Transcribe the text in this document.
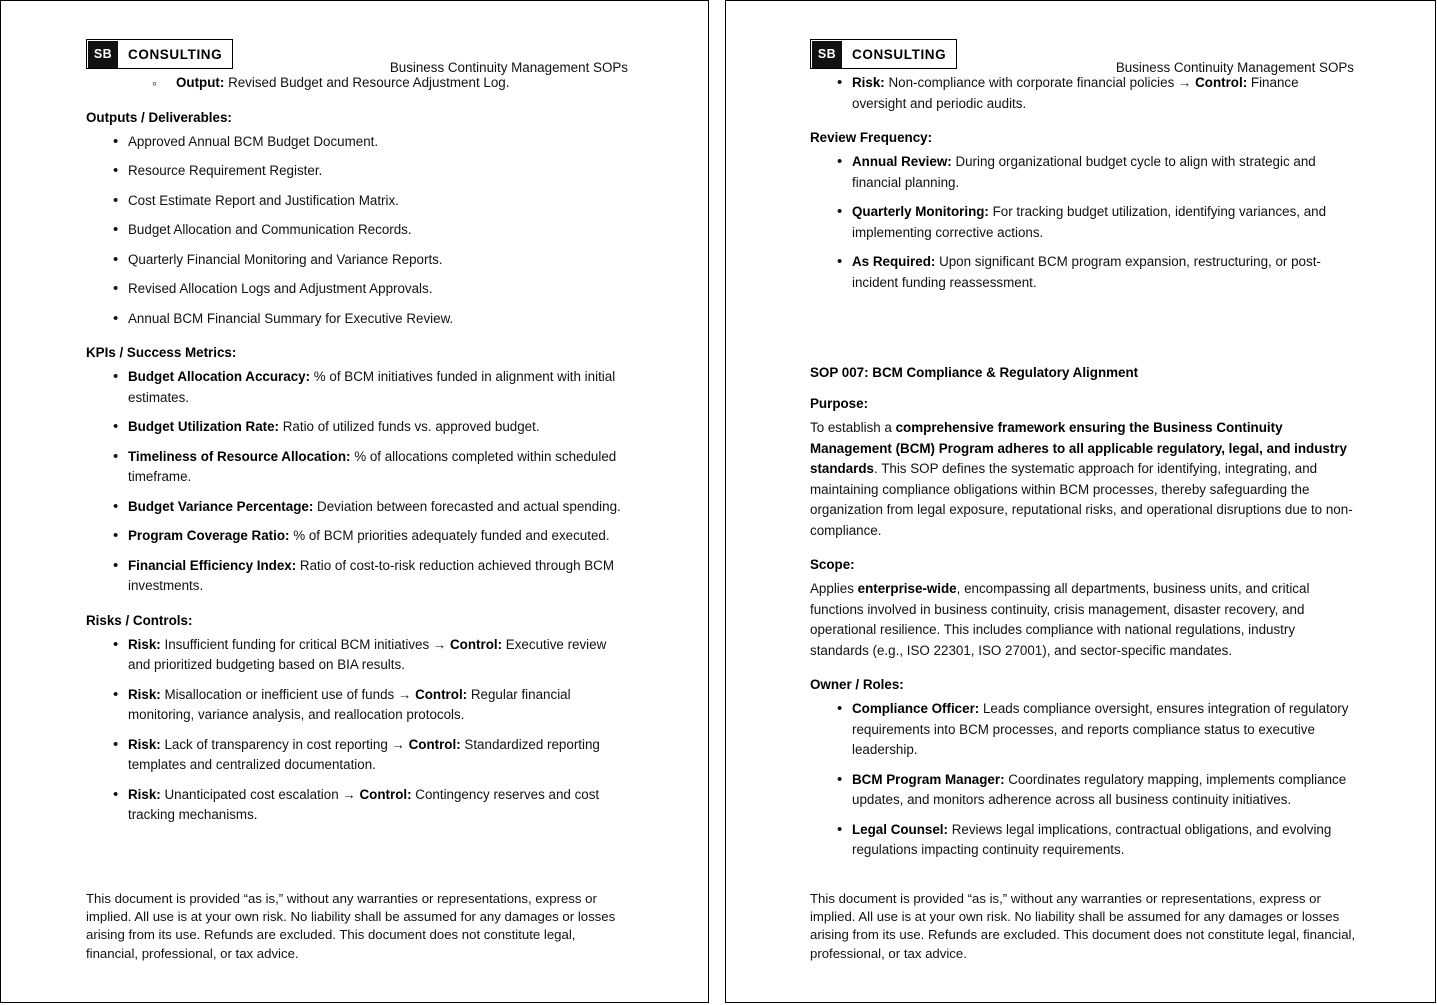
SB	CONSULTING
Business Continuity Management SOPs
◦ Output: Revised Budget and Resource Adjustment Log.
Outputs / Deliverables:
• Approved Annual BCM Budget Document.
• Resource Requirement Register.
• Cost Estimate Report and Justification Matrix.
• Budget Allocation and Communication Records.
• Quarterly Financial Monitoring and Variance Reports.
• Revised Allocation Logs and Adjustment Approvals.
• Annual BCM Financial Summary for Executive Review.
KPIs / Success Metrics:
• Budget Allocation Accuracy: % of BCM initiatives funded in alignment with initial estimates.
• Budget Utilization Rate: Ratio of utilized funds vs. approved budget.
• Timeliness of Resource Allocation: % of allocations completed within scheduled timeframe.
• Budget Variance Percentage: Deviation between forecasted and actual spending.
• Program Coverage Ratio: % of BCM priorities adequately funded and executed.
• Financial Efficiency Index: Ratio of cost-to-risk reduction achieved through BCM investments.
Risks / Controls:
• Risk: Insufficient funding for critical BCM initiatives → Control: Executive review and prioritized budgeting based on BIA results.
• Risk: Misallocation or inefficient use of funds → Control: Regular financial monitoring, variance analysis, and reallocation protocols.
• Risk: Lack of transparency in cost reporting → Control: Standardized reporting templates and centralized documentation.
• Risk: Unanticipated cost escalation → Control: Contingency reserves and cost tracking mechanisms.
This document is provided “as is,” without any warranties or representations, express or implied. All use is at your own risk. No liability shall be assumed for any damages or losses arising from its use. Refunds are excluded. This document does not constitute legal, financial, professional, or tax advice.
SB	CONSULTING
Business Continuity Management SOPs
• Risk: Non-compliance with corporate financial policies → Control: Finance oversight and periodic audits.
Review Frequency:
• Annual Review: During organizational budget cycle to align with strategic and financial planning.
• Quarterly Monitoring: For tracking budget utilization, identifying variances, and implementing corrective actions.
• As Required: Upon significant BCM program expansion, restructuring, or post-incident funding reassessment.
SOP 007: BCM Compliance & Regulatory Alignment
Purpose:

To establish a comprehensive framework ensuring the Business Continuity Management (BCM) Program adheres to all applicable regulatory, legal, and industry standards. This SOP defines the systematic approach for identifying, integrating, and maintaining compliance obligations within BCM processes, thereby safeguarding the organization from legal exposure, reputational risks, and operational disruptions due to non-compliance.

Scope:

Applies enterprise-wide, encompassing all departments, business units, and critical functions involved in business continuity, crisis management, disaster recovery, and operational resilience. This includes compliance with national regulations, industry standards (e.g., ISO 22301, ISO 27001), and sector-specific mandates.

Owner / Roles:
• Compliance Officer: Leads compliance oversight, ensures integration of regulatory requirements into BCM processes, and reports compliance status to executive leadership.
• BCM Program Manager: Coordinates regulatory mapping, implements compliance updates, and monitors adherence across all business continuity initiatives.
• Legal Counsel: Reviews legal implications, contractual obligations, and evolving regulations impacting continuity requirements.
This document is provided “as is,” without any warranties or representations, express or implied. All use is at your own risk. No liability shall be assumed for any damages or losses arising from its use. Refunds are excluded. This document does not constitute legal, financial, professional, or tax advice.
